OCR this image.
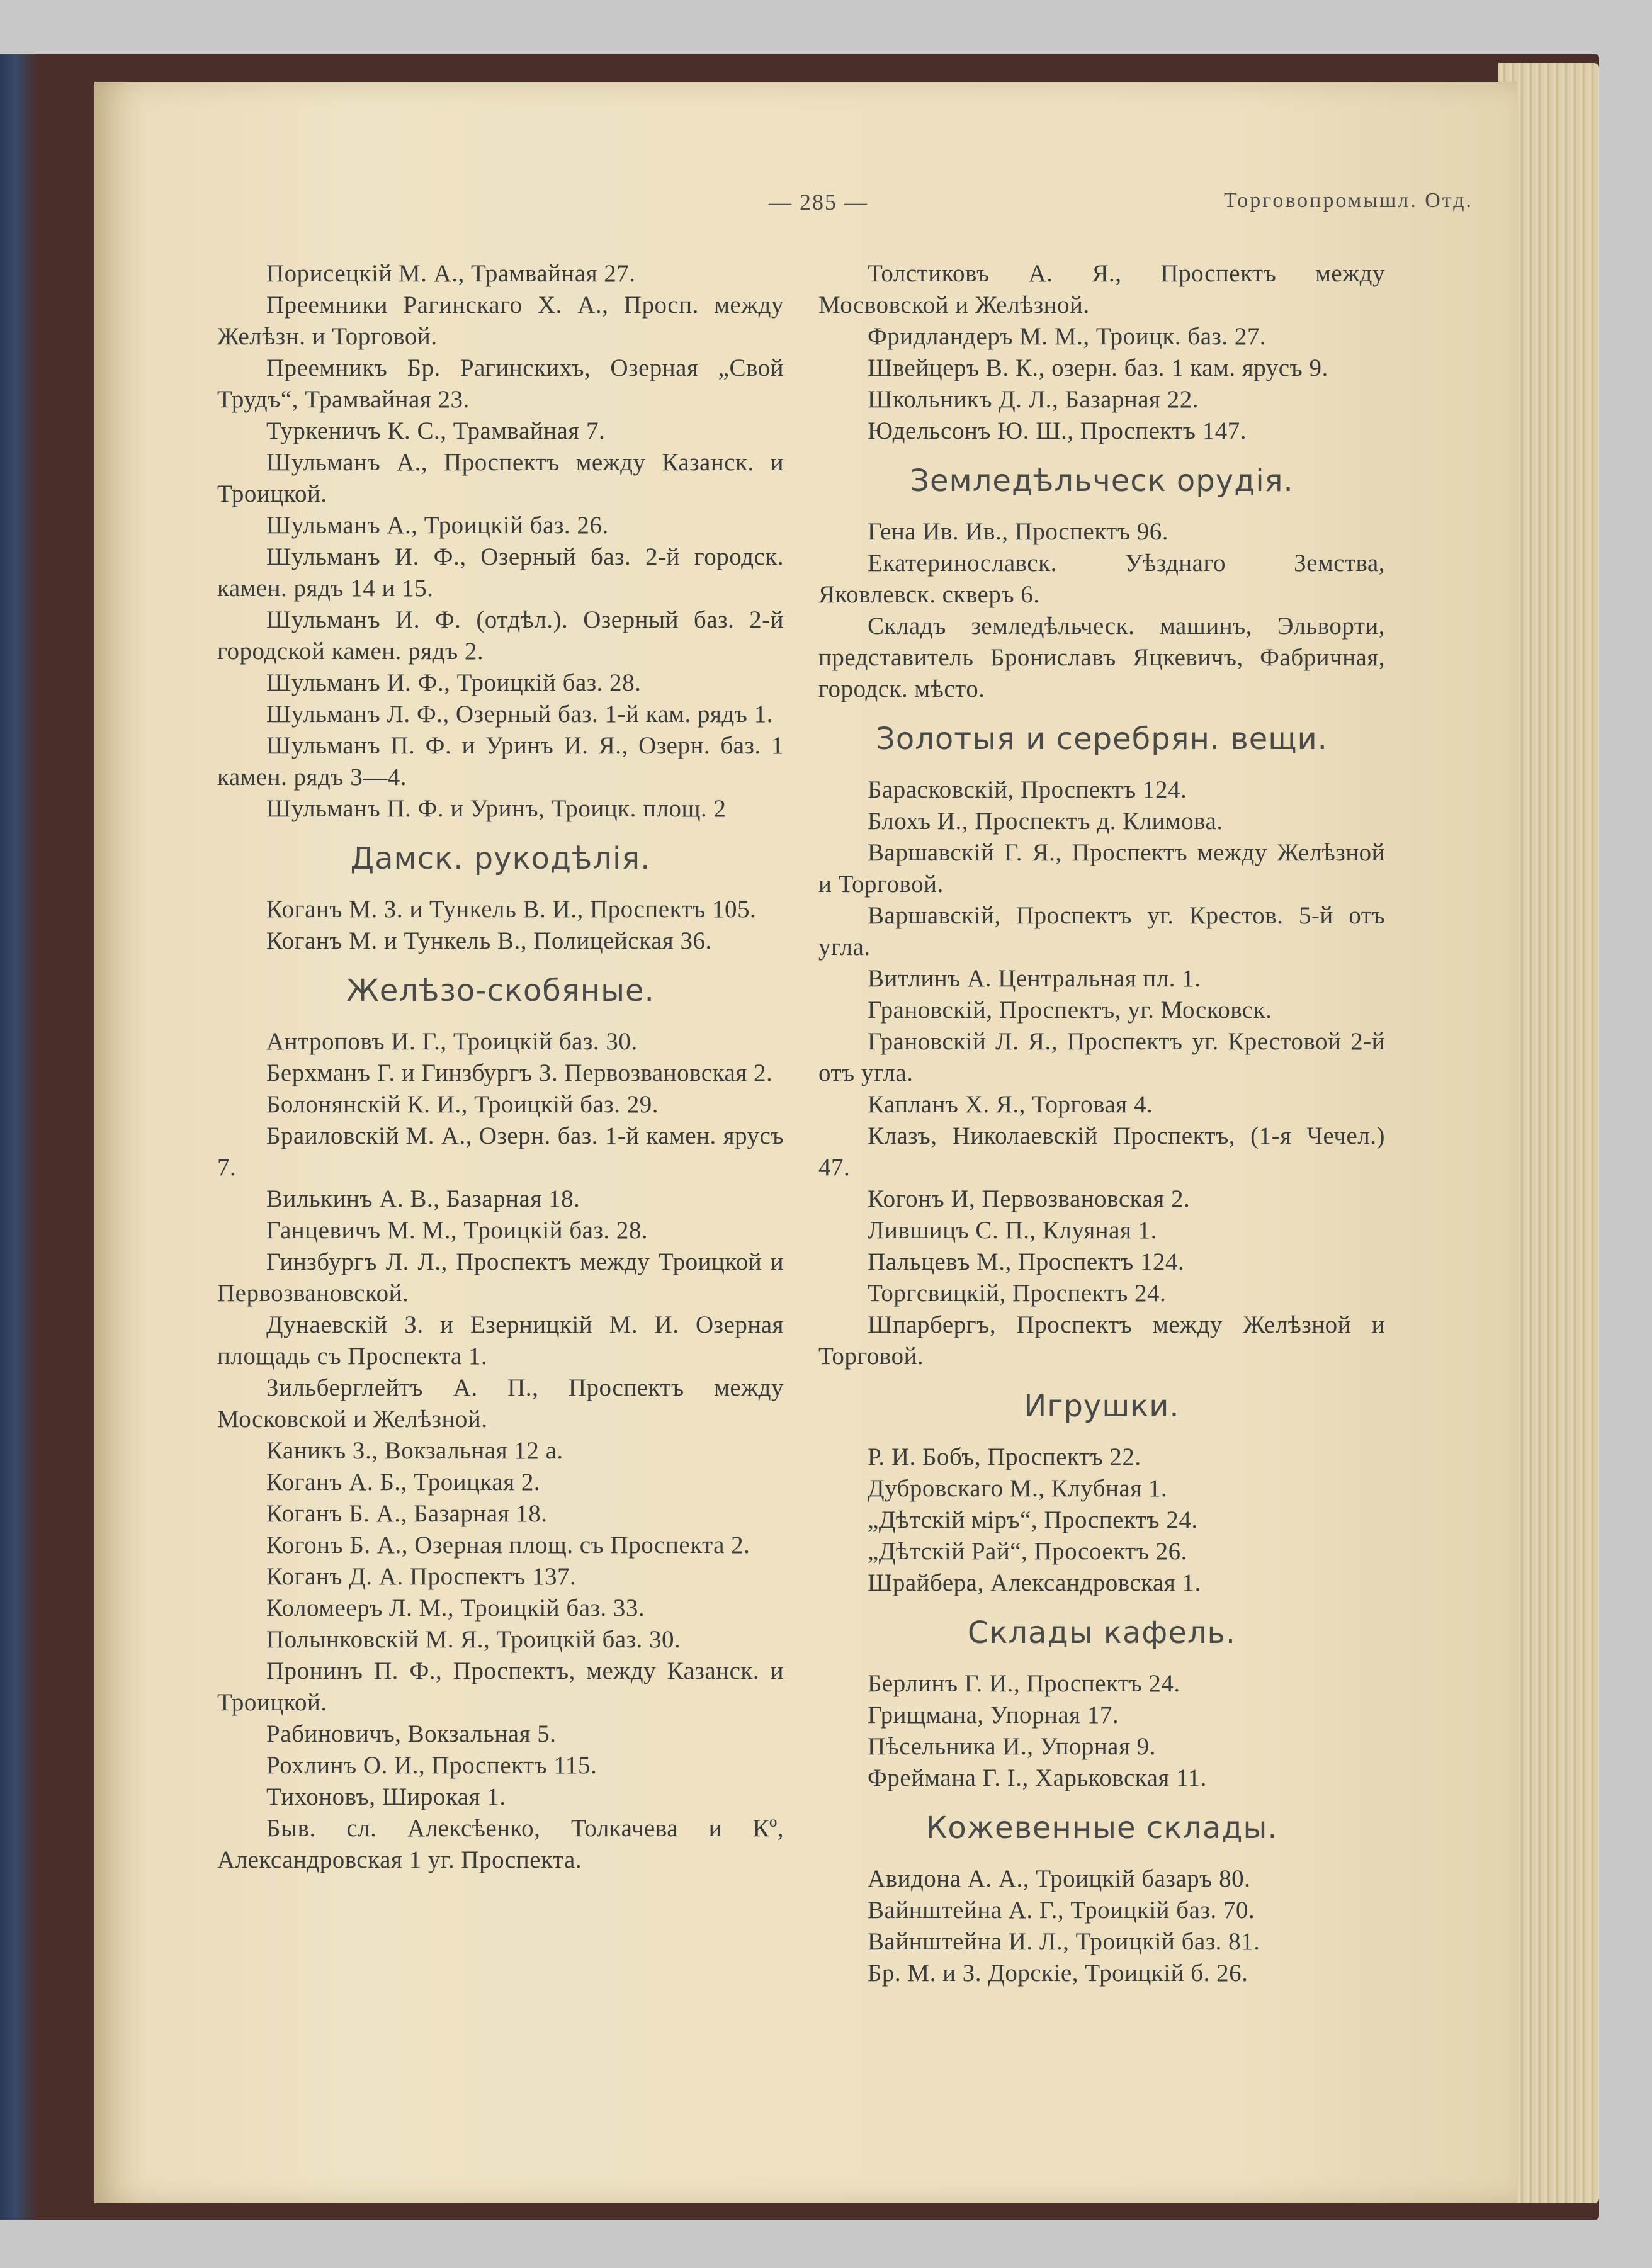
— 285 —	Торговопромышл. Отд.

Порисецкій М. А., Трамвайная 27.

Преемники Рагинскаго Х. А., Просп. между Желѣзн. и Торговой.

Преемникъ Бр. Рагинскихъ, Озерная „Свой Трудъ“, Трамвайная 23.

Туркеничъ К. С., Трамвайная 7.

Шульманъ А., Проспектъ между Казанск. и Троицкой.

Шульманъ А., Троицкій баз. 26.

Шульманъ И. Ф., Озерный баз. 2-й городск. камен. рядъ 14 и 15.

Шульманъ И. Ф. (отдѣл.). Озерный баз. 2-й городской камен. рядъ 2.

Шульманъ И. Ф., Троицкій баз. 28.

Шульманъ Л. Ф., Озерный баз. 1-й кам. рядъ 1.

Шульманъ П. Ф. и Уринъ И. Я., Озерн. баз. 1 камен. рядъ 3—4.

Шульманъ П. Ф. и Уринъ, Троицк. площ. 2

Дамск. рукодѣлія.

Коганъ М. З. и Тункель В. И., Проспектъ 105.

Коганъ М. и Тункель В., Полицейская 36.

Желѣзо-скобяные.

Антроповъ И. Г., Троицкій баз. 30.

Берхманъ Г. и Гинзбургъ З. Первозвановская 2.

Болонянскій К. И., Троицкій баз. 29.

Браиловскій М. А., Озерн. баз. 1-й камен. ярусъ 7.

Вилькинъ А. В., Базарная 18.

Ганцевичъ М. М., Троицкій баз. 28.

Гинзбургъ Л. Л., Проспектъ между Троицкой и Первозвановской.

Дунаевскій З. и Езерницкій М. И. Озерная площадь съ Проспекта 1.

Зильберглейтъ А. П., Проспектъ между Московской и Желѣзной.

Каникъ З., Вокзальная 12 а.

Коганъ А. Б., Троицкая 2.

Коганъ Б. А., Базарная 18.

Когонъ Б. А., Озерная площ. съ Проспекта 2.

Коганъ Д. А. Проспектъ 137.

Коломееръ Л. М., Троицкій баз. 33.

Полынковскій М. Я., Троицкій баз. 30.

Пронинъ П. Ф., Проспектъ, между Казанск. и Троицкой.

Рабиновичъ, Вокзальная 5.

Рохлинъ О. И., Проспектъ 115.

Тихоновъ, Широкая 1.

Быв. сл. Алексѣенко, Толкачева и Кº, Александровская 1 уг. Проспекта.

Толстиковъ А. Я., Проспектъ между Мосвовской и Желѣзной.

Фридландеръ М. М., Троицк. баз. 27.

Швейцеръ В. К., озерн. баз. 1 кам. ярусъ 9.

Школьникъ Д. Л., Базарная 22.

Юдельсонъ Ю. Ш., Проспектъ 147.

Земледѣльческ орудія.

Гена Ив. Ив., Проспектъ 96.

Екатеринославск. Уѣзднаго Земства, Яковлевск. скверъ 6.

Складъ земледѣльческ. машинъ, Эльворти, представитель Брониславъ Яцкевичъ, Фабричная, городск. мѣсто.

Золотыя и серебрян. вещи.

Барасковскій, Проспектъ 124.

Блохъ И., Проспектъ д. Климова.

Варшавскій Г. Я., Проспектъ между Желѣзной и Торговой.

Варшавскій, Проспектъ уг. Крестов. 5-й отъ угла.

Витлинъ А. Центральная пл. 1.

Грановскій, Проспектъ, уг. Московск.

Грановскій Л. Я., Проспектъ уг. Крестовой 2-й отъ угла.

Капланъ Х. Я., Торговая 4.

Клазъ, Николаевскій Проспектъ, (1-я Чечел.) 47.

Когонъ И, Первозвановская 2.

Лившицъ С. П., Клуяная 1.

Пальцевъ М., Проспектъ 124.

Торгсвицкій, Проспектъ 24.

Шпарбергъ, Проспектъ между Желѣзной и Торговой.

Игрушки.

Р. И. Бобъ, Проспектъ 22.

Дубровскаго М., Клубная 1.

„Дѣтскій міръ“, Проспектъ 24.

„Дѣтскій Рай“, Просоектъ 26.

Шрайбера, Александровская 1.

Склады кафель.

Берлинъ Г. И., Проспектъ 24.

Грищмана, Упорная 17.

Пѣсельника И., Упорная 9.

Фреймана Г. І., Харьковская 11.

Кожевенные склады.

Авидона А. А., Троицкій базаръ 80.

Вайнштейна А. Г., Троицкій баз. 70.

Вайнштейна И. Л., Троицкій баз. 81.

Бр. М. и З. Дорскіе, Троицкій б. 26.
